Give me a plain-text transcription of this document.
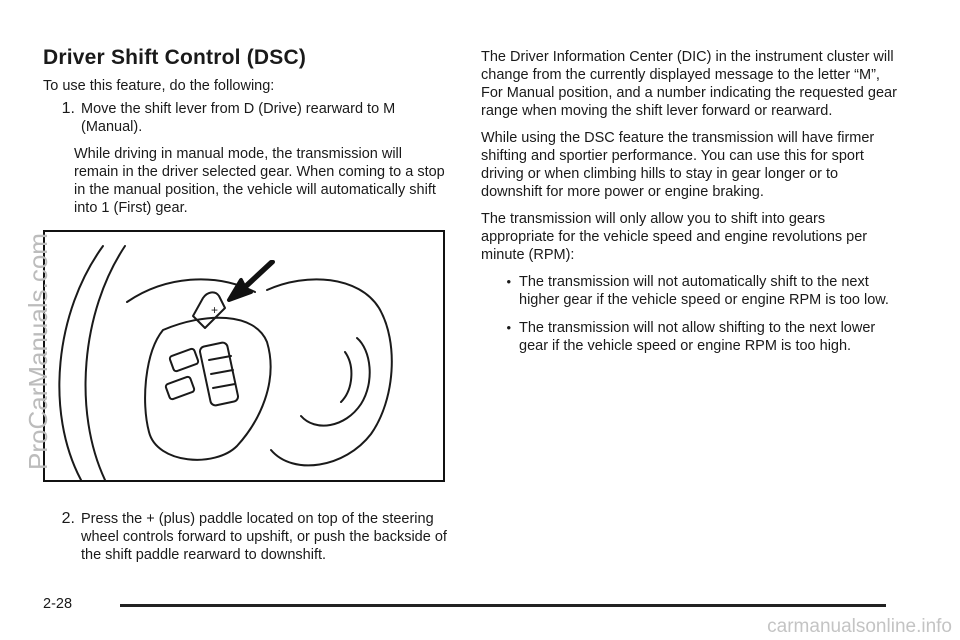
Driver Shift Control (DSC)

To use this feature, do the following:

1. Move the shift lever from D (Drive) rearward to M (Manual).

While driving in manual mode, the transmission will remain in the driver selected gear. When coming to a stop in the manual position, the vehicle will automatically shift into 1 (First) gear.

+
2. Press the + (plus) paddle located on top of the steering wheel controls forward to upshift, or push the backside of the shift paddle rearward to downshift.

The Driver Information Center (DIC) in the instrument cluster will change from the currently displayed message to the letter “M”, For Manual position, and a number indicating the requested gear range when moving the shift lever forward or rearward.

While using the DSC feature the transmission will have firmer shifting and sportier performance. You can use this for sport driving or when climbing hills to stay in gear longer or to downshift for more power or engine braking.

The transmission will only allow you to shift into gears appropriate for the vehicle speed and engine revolutions per minute (RPM):

• The transmission will not automatically shift to the next higher gear if the vehicle speed or engine RPM is too low.

• The transmission will not allow shifting to the next lower gear if the vehicle speed or engine RPM is too high.

2-28
ProCarManuals.com
carmanualsonline.info
